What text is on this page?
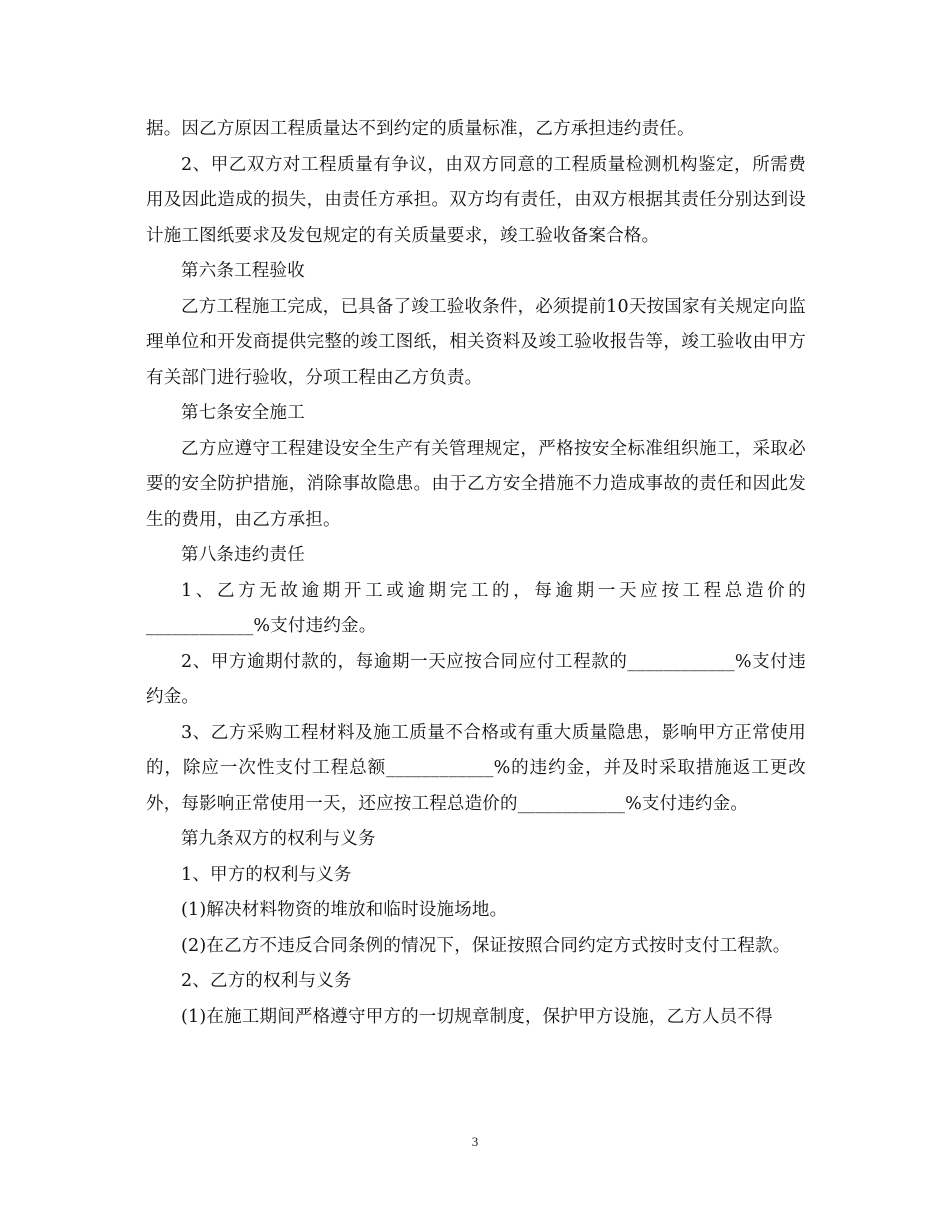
据。因乙方原因工程质量达不到约定的质量标准，乙方承担违约责任。

2、甲乙双方对工程质量有争议，由双方同意的工程质量检测机构鉴定，所需费用及因此造成的损失，由责任方承担。双方均有责任，由双方根据其责任分别达到设计施工图纸要求及发包规定的有关质量要求，竣工验收备案合格。

第六条工程验收

乙方工程施工完成，已具备了竣工验收条件，必须提前10天按国家有关规定向监理单位和开发商提供完整的竣工图纸，相关资料及竣工验收报告等，竣工验收由甲方有关部门进行验收，分项工程由乙方负责。

第七条安全施工

乙方应遵守工程建设安全生产有关管理规定，严格按安全标准组织施工，采取必要的安全防护措施，消除事故隐患。由于乙方安全措施不力造成事故的责任和因此发生的费用，由乙方承担。

第八条违约责任

1、乙方无故逾期开工或逾期完工的，每逾期一天应按工程总造价的____________%支付违约金。

2、甲方逾期付款的，每逾期一天应按合同应付工程款的____________%支付违约金。

3、乙方采购工程材料及施工质量不合格或有重大质量隐患，影响甲方正常使用的，除应一次性支付工程总额____________%的违约金，并及时采取措施返工更改外，每影响正常使用一天，还应按工程总造价的____________%支付违约金。

第九条双方的权利与义务

1、甲方的权利与义务

(1)解决材料物资的堆放和临时设施场地。

(2)在乙方不违反合同条例的情况下，保证按照合同约定方式按时支付工程款。

2、乙方的权利与义务

(1)在施工期间严格遵守甲方的一切规章制度，保护甲方设施，乙方人员不得

3
